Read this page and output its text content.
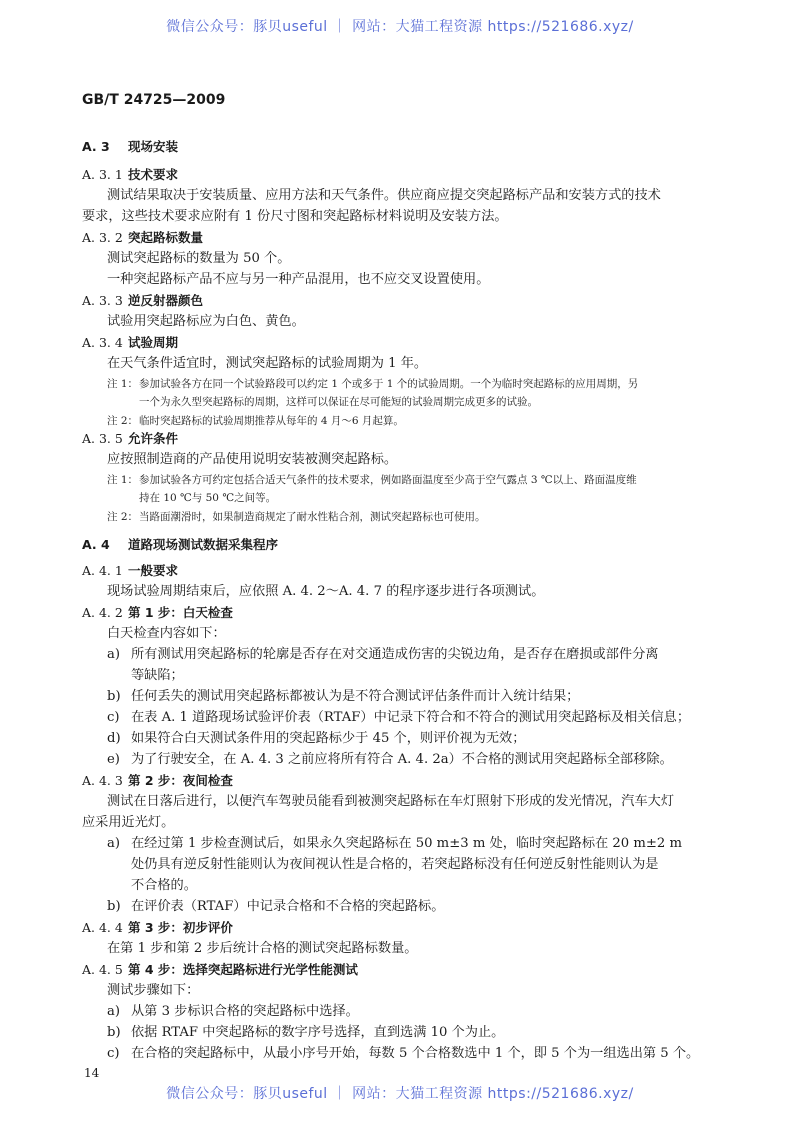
微信公众号：豚贝useful ｜ 网站：大猫工程资源 https://521686.xyz/
GB/T 24725—2009
A. 3 现场安装
A. 3. 1 技术要求
测试结果取决于安装质量、应用方法和天气条件。供应商应提交突起路标产品和安装方式的技术
要求，这些技术要求应附有 1 份尺寸图和突起路标材料说明及安装方法。
A. 3. 2 突起路标数量
测试突起路标的数量为 50 个。
一种突起路标产品不应与另一种产品混用，也不应交叉设置使用。
A. 3. 3 逆反射器颜色
试验用突起路标应为白色、黄色。
A. 3. 4 试验周期
在天气条件适宜时，测试突起路标的试验周期为 1 年。
注 1：参加试验各方在同一个试验路段可以约定 1 个或多于 1 个的试验周期。一个为临时突起路标的应用周期，另
一个为永久型突起路标的周期，这样可以保证在尽可能短的试验周期完成更多的试验。
注 2：临时突起路标的试验周期推荐从每年的 4 月～6 月起算。
A. 3. 5 允许条件
应按照制造商的产品使用说明安装被测突起路标。
注 1：参加试验各方可约定包括合适天气条件的技术要求，例如路面温度至少高于空气露点 3 ℃以上、路面温度维
持在 10 ℃与 50 ℃之间等。
注 2：当路面潮滑时，如果制造商规定了耐水性粘合剂，测试突起路标也可使用。
A. 4 道路现场测试数据采集程序
A. 4. 1 一般要求
现场试验周期结束后，应依照 A. 4. 2～A. 4. 7 的程序逐步进行各项测试。
A. 4. 2 第 1 步：白天检查
白天检查内容如下：
a) 所有测试用突起路标的轮廓是否存在对交通造成伤害的尖锐边角，是否存在磨损或部件分离
等缺陷；
b) 任何丢失的测试用突起路标都被认为是不符合测试评估条件而计入统计结果；
c) 在表 A. 1 道路现场试验评价表（RTAF）中记录下符合和不符合的测试用突起路标及相关信息；
d) 如果符合白天测试条件用的突起路标少于 45 个，则评价视为无效；
e) 为了行驶安全，在 A. 4. 3 之前应将所有符合 A. 4. 2a）不合格的测试用突起路标全部移除。
A. 4. 3 第 2 步：夜间检查
测试在日落后进行，以便汽车驾驶员能看到被测突起路标在车灯照射下形成的发光情况，汽车大灯
应采用近光灯。
a) 在经过第 1 步检查测试后，如果永久突起路标在 50 m±3 m 处，临时突起路标在 20 m±2 m
处仍具有逆反射性能则认为夜间视认性是合格的，若突起路标没有任何逆反射性能则认为是
不合格的。
b) 在评价表（RTAF）中记录合格和不合格的突起路标。
A. 4. 4 第 3 步：初步评价
在第 1 步和第 2 步后统计合格的测试突起路标数量。
A. 4. 5 第 4 步：选择突起路标进行光学性能测试
测试步骤如下：
a) 从第 3 步标识合格的突起路标中选择。
b) 依据 RTAF 中突起路标的数字序号选择，直到选满 10 个为止。
c) 在合格的突起路标中，从最小序号开始，每数 5 个合格数选中 1 个，即 5 个为一组选出第 5 个。
14
微信公众号：豚贝useful ｜ 网站：大猫工程资源 https://521686.xyz/
